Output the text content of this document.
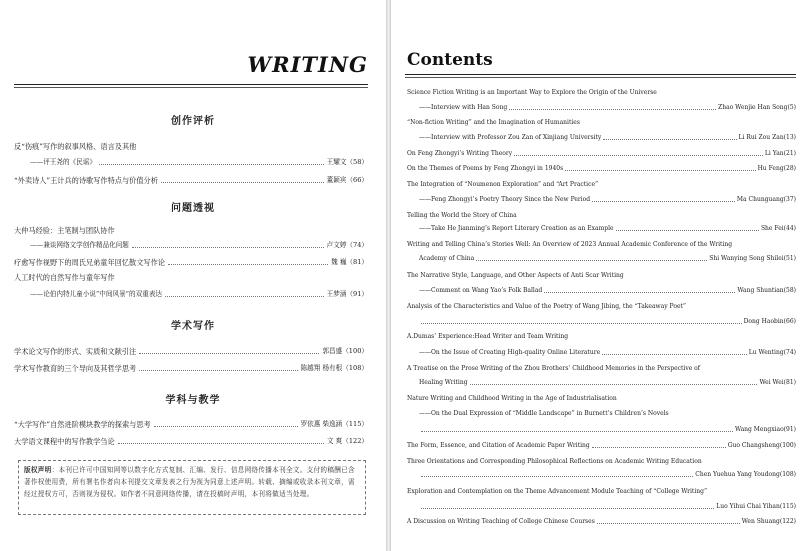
WRITING
创作评析
反“伤痕”写作的叙事风格、语言及其他
——评王尧的《民谣》	王耀文（58）
“外卖诗人”王计兵的诗歌写作特点与价值分析	董颖宾（66）
问题透视
大仲马经验：主笔制与团队协作
——兼谈网络文学创作精品化问题	卢文婷（74）
疗愈写作视野下的周氏兄弟童年回忆散文写作论	魏 巍（81）
人工时代的自然写作与童年写作
——论伯内特儿童小说“中间风景”的双重表达	王梦涵（91）
学术写作
学术论文写作的形式、实质和文献引注	郭昌盛（100）
学术写作教育的三个导向及其哲学思考	陈越翔 杨有根（108）
学科与教学
“大学写作”自然进阶模块教学的探索与思考	罗依惠 柴逸涵（115）
大学语文课程中的写作教学刍论	文 爽（122）
版权声明：本刊已许可中国知网等以数字化方式复制、汇编、发行、信息网络传播本刊全文。支付的稿酬已含著作权使用费，所有署名作者向本刊提交文章发表之行为视为同意上述声明。转载、摘编或收录本刊文章，需经过授权方可，否则视为侵权。如作者不同意网络传播，请在投稿时声明，本刊将做适当处理。
Contents
Science Fiction Writing is an Important Way to Explore the Origin of the Universe
——Interview with Han Song	Zhao Wenjie Han Song(5)
“Non-fiction Writing” and the Imagination of Humanities
——Interview with Professor Zou Zan of Xinjiang University	Li Rui Zou Zan(13)
On Feng Zhongyi’s Writing Theory	Li Yan(21)
On the Themes of Poems by Feng Zhongyi in 1940s	Hu Feng(28)
The Integration of “Noumenon Exploration” and “Art Practice”
——Feng Zhongyi’s Poetry Theory Since the New Period	Ma Chunguang(37)
Telling the World the Story of China
——Take He Jianming’s Report Literary Creation as an Example	She Fei(44)
Writing and Telling China’s Stories Well: An Overview of 2023 Annual Academic Conference of the Writing
Academy of China	Shi Wanying Song Shilei(51)
The Narrative Style, Language, and Other Aspects of Anti Scar Writing
——Comment on Wang Yao’s Folk Ballad	Wang Shuntian(58)
Analysis of the Characteristics and Value of the Poetry of Wang Jibing, the “Takeaway Poet”
Dong Haobin(66)
A.Dumas’ Experience:Head Writer and Team Writing
——On the Issue of Creating High-quality Online Literature	Lu Wenting(74)
A Treatise on the Prose Writing of the Zhou Brothers’ Childhood Memories in the Perspective of
Healing Writing	Wei Wei(81)
Nature Writing and Childhood Writing in the Age of Industrialisation
——On the Dual Expression of “Middle Landscape” in Burnett’s Children’s Novels
Wang Mengxiao(91)
The Form, Essence, and Citation of Academic Paper Writing	Guo Changsheng(100)
Three Orientations and Corresponding Philosophical Reflections on Academic Writing Education
Chen Yuehua Yang Youdong(108)
Exploration and Contemplation on the Theme Advancement Module Teaching of “College Writing”
Luo Yihui Chai Yihan(115)
A Discussion on Writing Teaching of College Chinese Courses	Wen Shuang(122)
